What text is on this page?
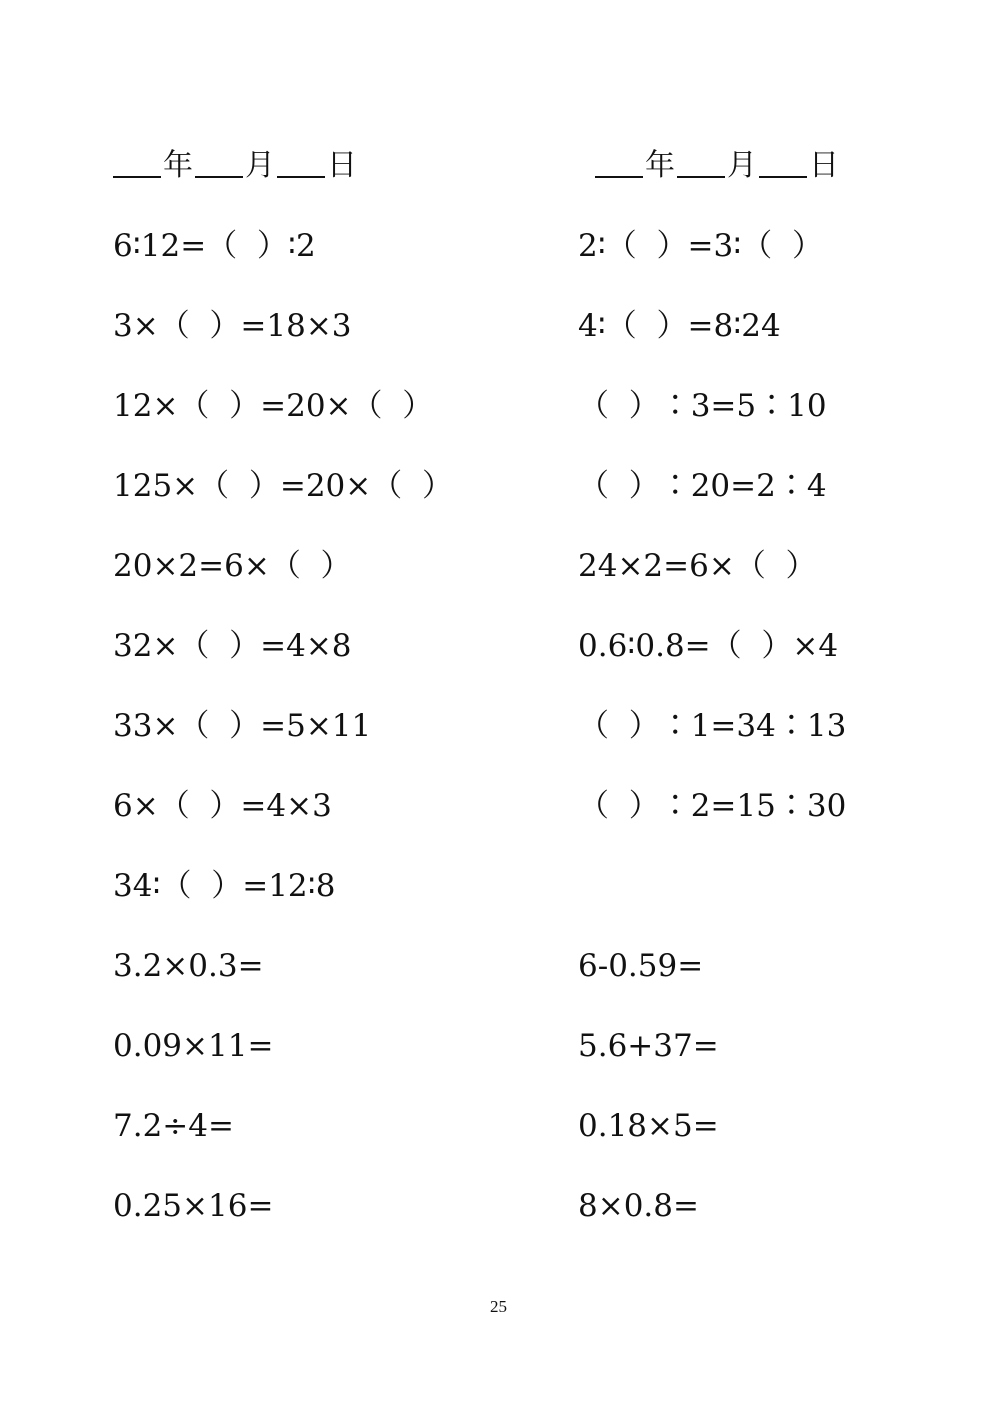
年 月 日	年 月 日
6∶12=（  ）∶2
3×（  ）=18×3
12×（  ）=20×（  ）
125×（  ）=20×（  ）
20×2=6×（  ）
32×（  ）=4×8
33×（  ）=5×11
6×（  ）=4×3
34∶（  ）=12∶8
3.2×0.3=
0.09×11=
7.2÷4=
0.25×16=
2∶（  ）=3∶（  ）
4∶（  ）=8∶24
（  ）∶3=5∶10
（  ）∶20=2∶4
24×2=6×（  ）
0.6∶0.8=（  ）×4
（  ）∶1=34∶13
（  ）∶2=15∶30
6-0.59=
5.6+37=
0.18×5=
8×0.8=
25
